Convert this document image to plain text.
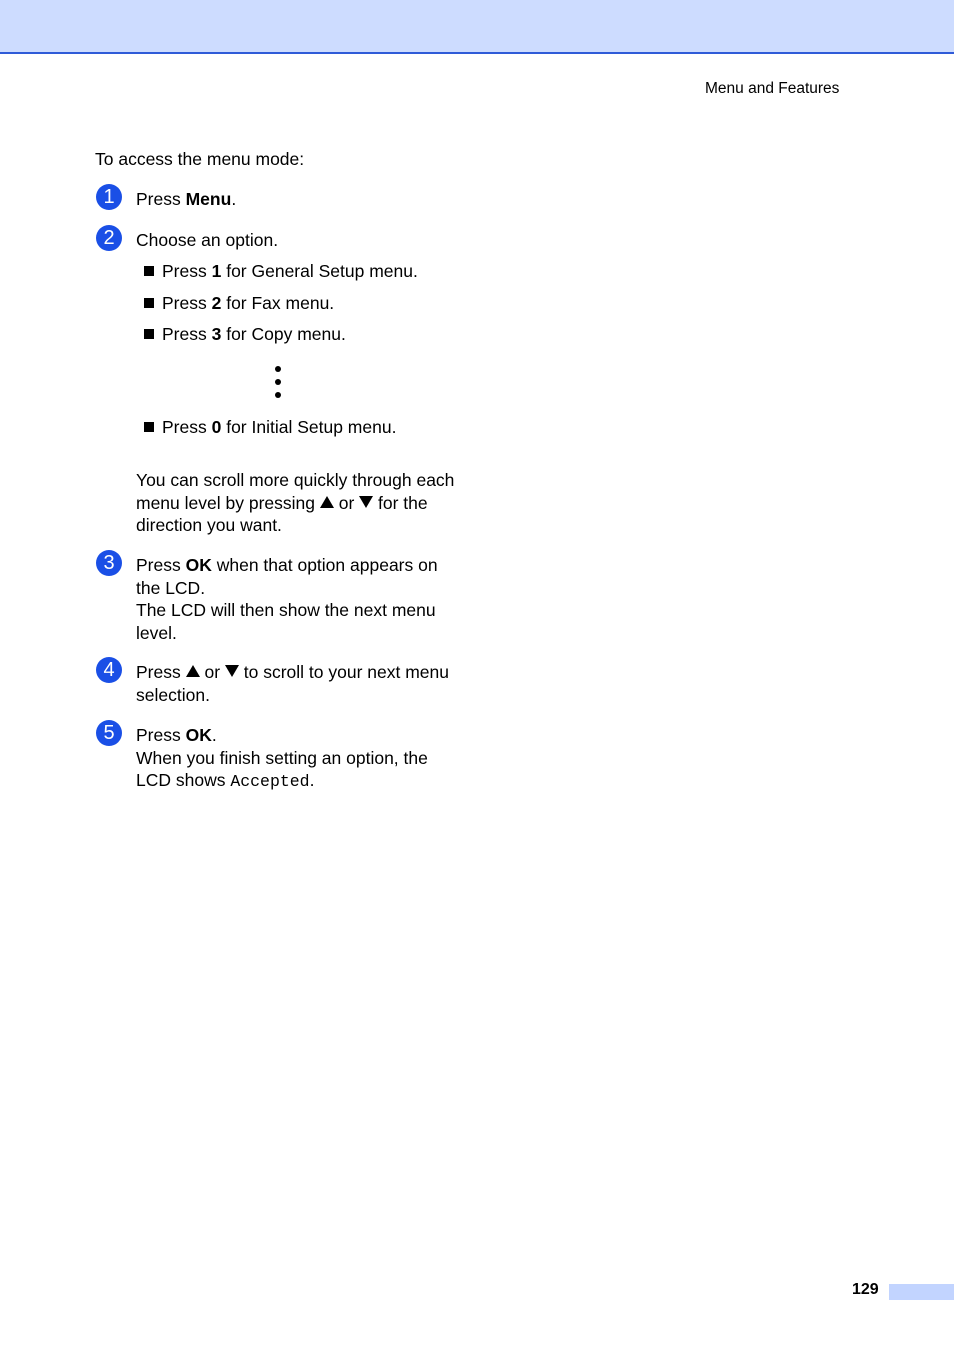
Menu and Features
To access the menu mode:
1	Press Menu.
2	Choose an option.
Press 1 for General Setup menu.
Press 2 for Fax menu.
Press 3 for Copy menu.
Press 0 for Initial Setup menu.
You can scroll more quickly through each menu level by pressing  or  for the direction you want.
3	Press OK when that option appears on the LCD.
The LCD will then show the next menu level.
4	Press  or  to scroll to your next menu selection.
5	Press OK.
When you finish setting an option, the LCD shows Accepted.
129
